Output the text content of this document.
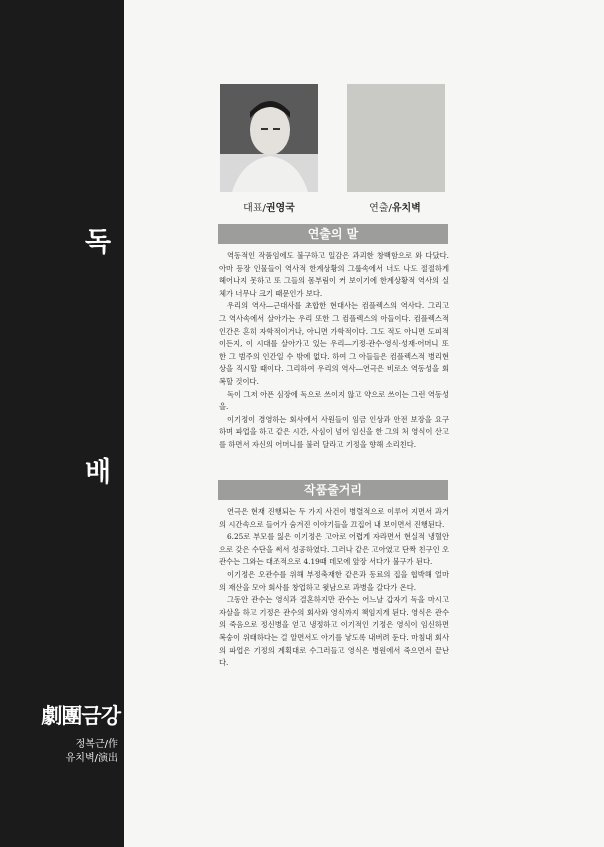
독
배
劇團금강
정복근/作
유치벽/演出
대표/권영국	연출/유치벽
연출의 말

역동적인 작품임에도 불구하고 일감은 과괴한 창백함으로 와 다닸다. 아마 등장 인물들이 역사적 한계상황의 그룹속에서 너도 나도 절절하게 헤어나지 못하고 또 그들의 몸부림이 커 보이기에 한계상황적 역사의 실체가 너무나 크기 때문인가 보다.

우리의 역사―근대사를 초합한 현대사는 컴플렉스의 역사다. 그리고 그 역사속에서 살아가는 우리 또한 그 컴플렉스의 아들이다. 컴플렉스적 인간은 흔히 자학적이거나, 아니면 가학적이다. 그도 적도 아니면 도피적이든지, 이 시대를 살아가고 있는 우리―기정·관수·영식·성재·어머니 또한 그 범주의 인간일 수 밖에 없다. 하여 그 아들들은 컴플렉스적 병리현상을 직시할 때이다. 그리하여 우리의 역사―연극은 비로소 역동성을 회복할 것이다.

독이 그저 아픈 심장에 독으로 쓰이지 않고 약으로 쓰이는 그런 역동성을.

이기정이 경영하는 회사에서 사원들이 임금 인상과 안전 보장을 요구하며 파업을 하고 같은 시간, 사심이 넘어 임신을 한 그의 처 영식이 산고를 하면서 자신의 어머니를 불러 달라고 기정을 향해 소리친다.

작품줄거리

연극은 현재 진행되는 두 가지 사건이 병렬적으로 이루어 지면서 과거의 시간속으로 들어가 숨겨진 이야기들을 끄집어 내 보이면서 진행된다.

6.25로 부모를 잃은 이기정은 고아로 어렵게 자라면서 현실적 냉혈안으로 갖은 수단을 써서 성공하였다. 그러나 같은 고아였고 단짝 친구인 오관수는 그와는 대조적으로 4.19때 데모에 앞장 서다가 불구가 된다.

이기정은 오관수를 위해 부정축재한 같은과 동료의 집을 협박해 얼마의 재산을 모아 회사를 창업하고 윗남으로 과병을 갈다가 온다.

그동안 관수는 영식과 결혼하지만 관수는 어느날 갑자기 독을 마시고 자살을 하고 기정은 관수의 회사와 영식까지 책임지게 된다. 영식은 관수의 죽음으로 정신병을 얻고 냉정하고 이기적인 기정은 영식이 임신하면 복숭이 위태하다는 걸 알면서도 아기를 낳도록 내버려 둔다. 마침내 회사의 파업은 기정의 계획대로 수그러들고 영식은 병원에서 죽으면서 끝난다.
